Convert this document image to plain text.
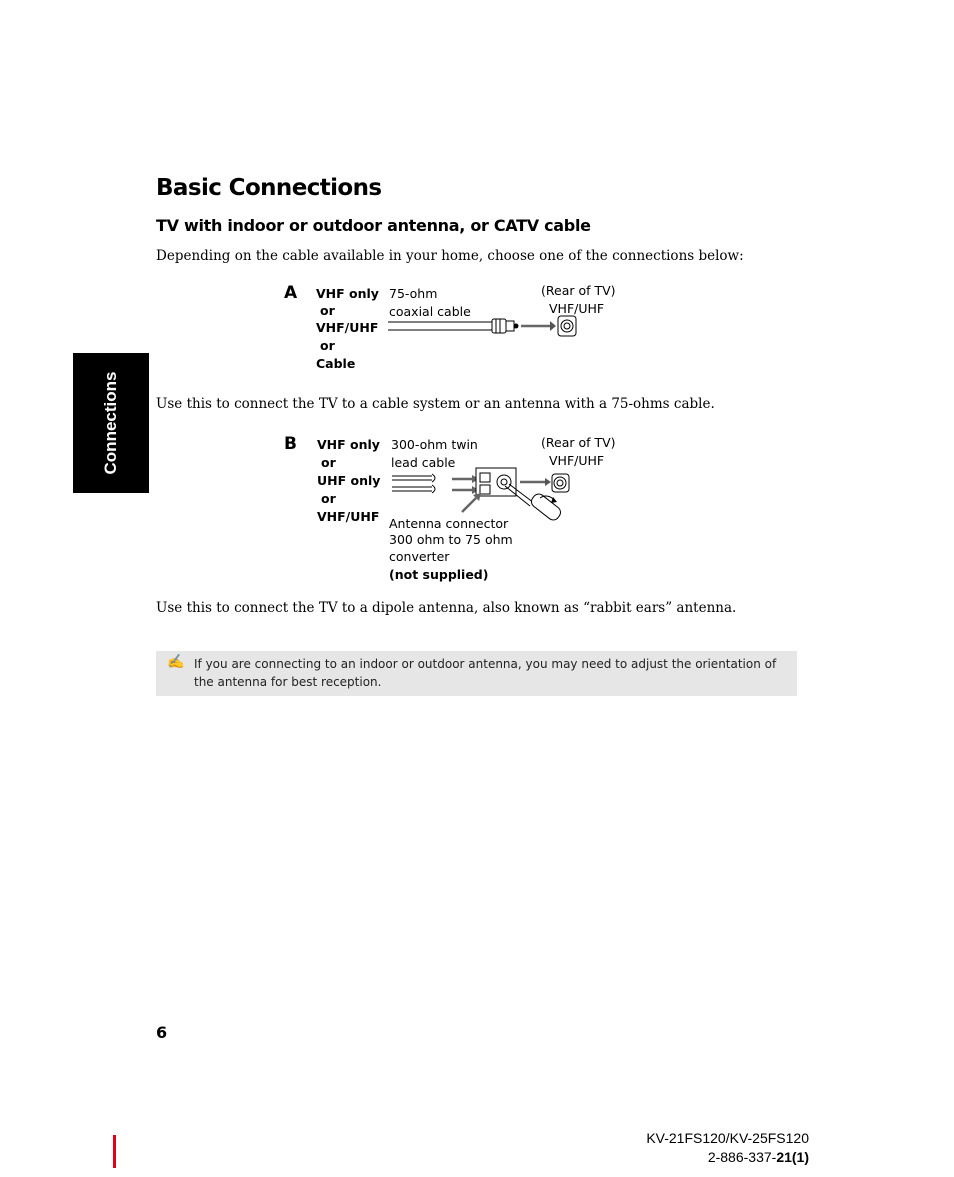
Connections
Basic Connections
TV with indoor or outdoor antenna, or CATV cable
Depending on the cable available in your home, choose one of the connections below:
A VHF only
or
VHF/UHF
or
Cable
75-ohm
coaxial cable
(Rear of TV)
VHF/UHF
Use this to connect the TV to a cable system or an antenna with a 75-ohms cable.
B VHF only
or
UHF only
or
VHF/UHF
300-ohm twin
lead cable
(Rear of TV)
VHF/UHF
Antenna connector
300 ohm to 75 ohm
converter
(not supplied)
Use this to connect the TV to a dipole antenna, also known as “rabbit ears” antenna.
✍ If you are connecting to an indoor or outdoor antenna, you may need to adjust the orientation of the antenna for best reception.
6
KV-21FS120/KV-25FS120
2-886-337-21(1)
